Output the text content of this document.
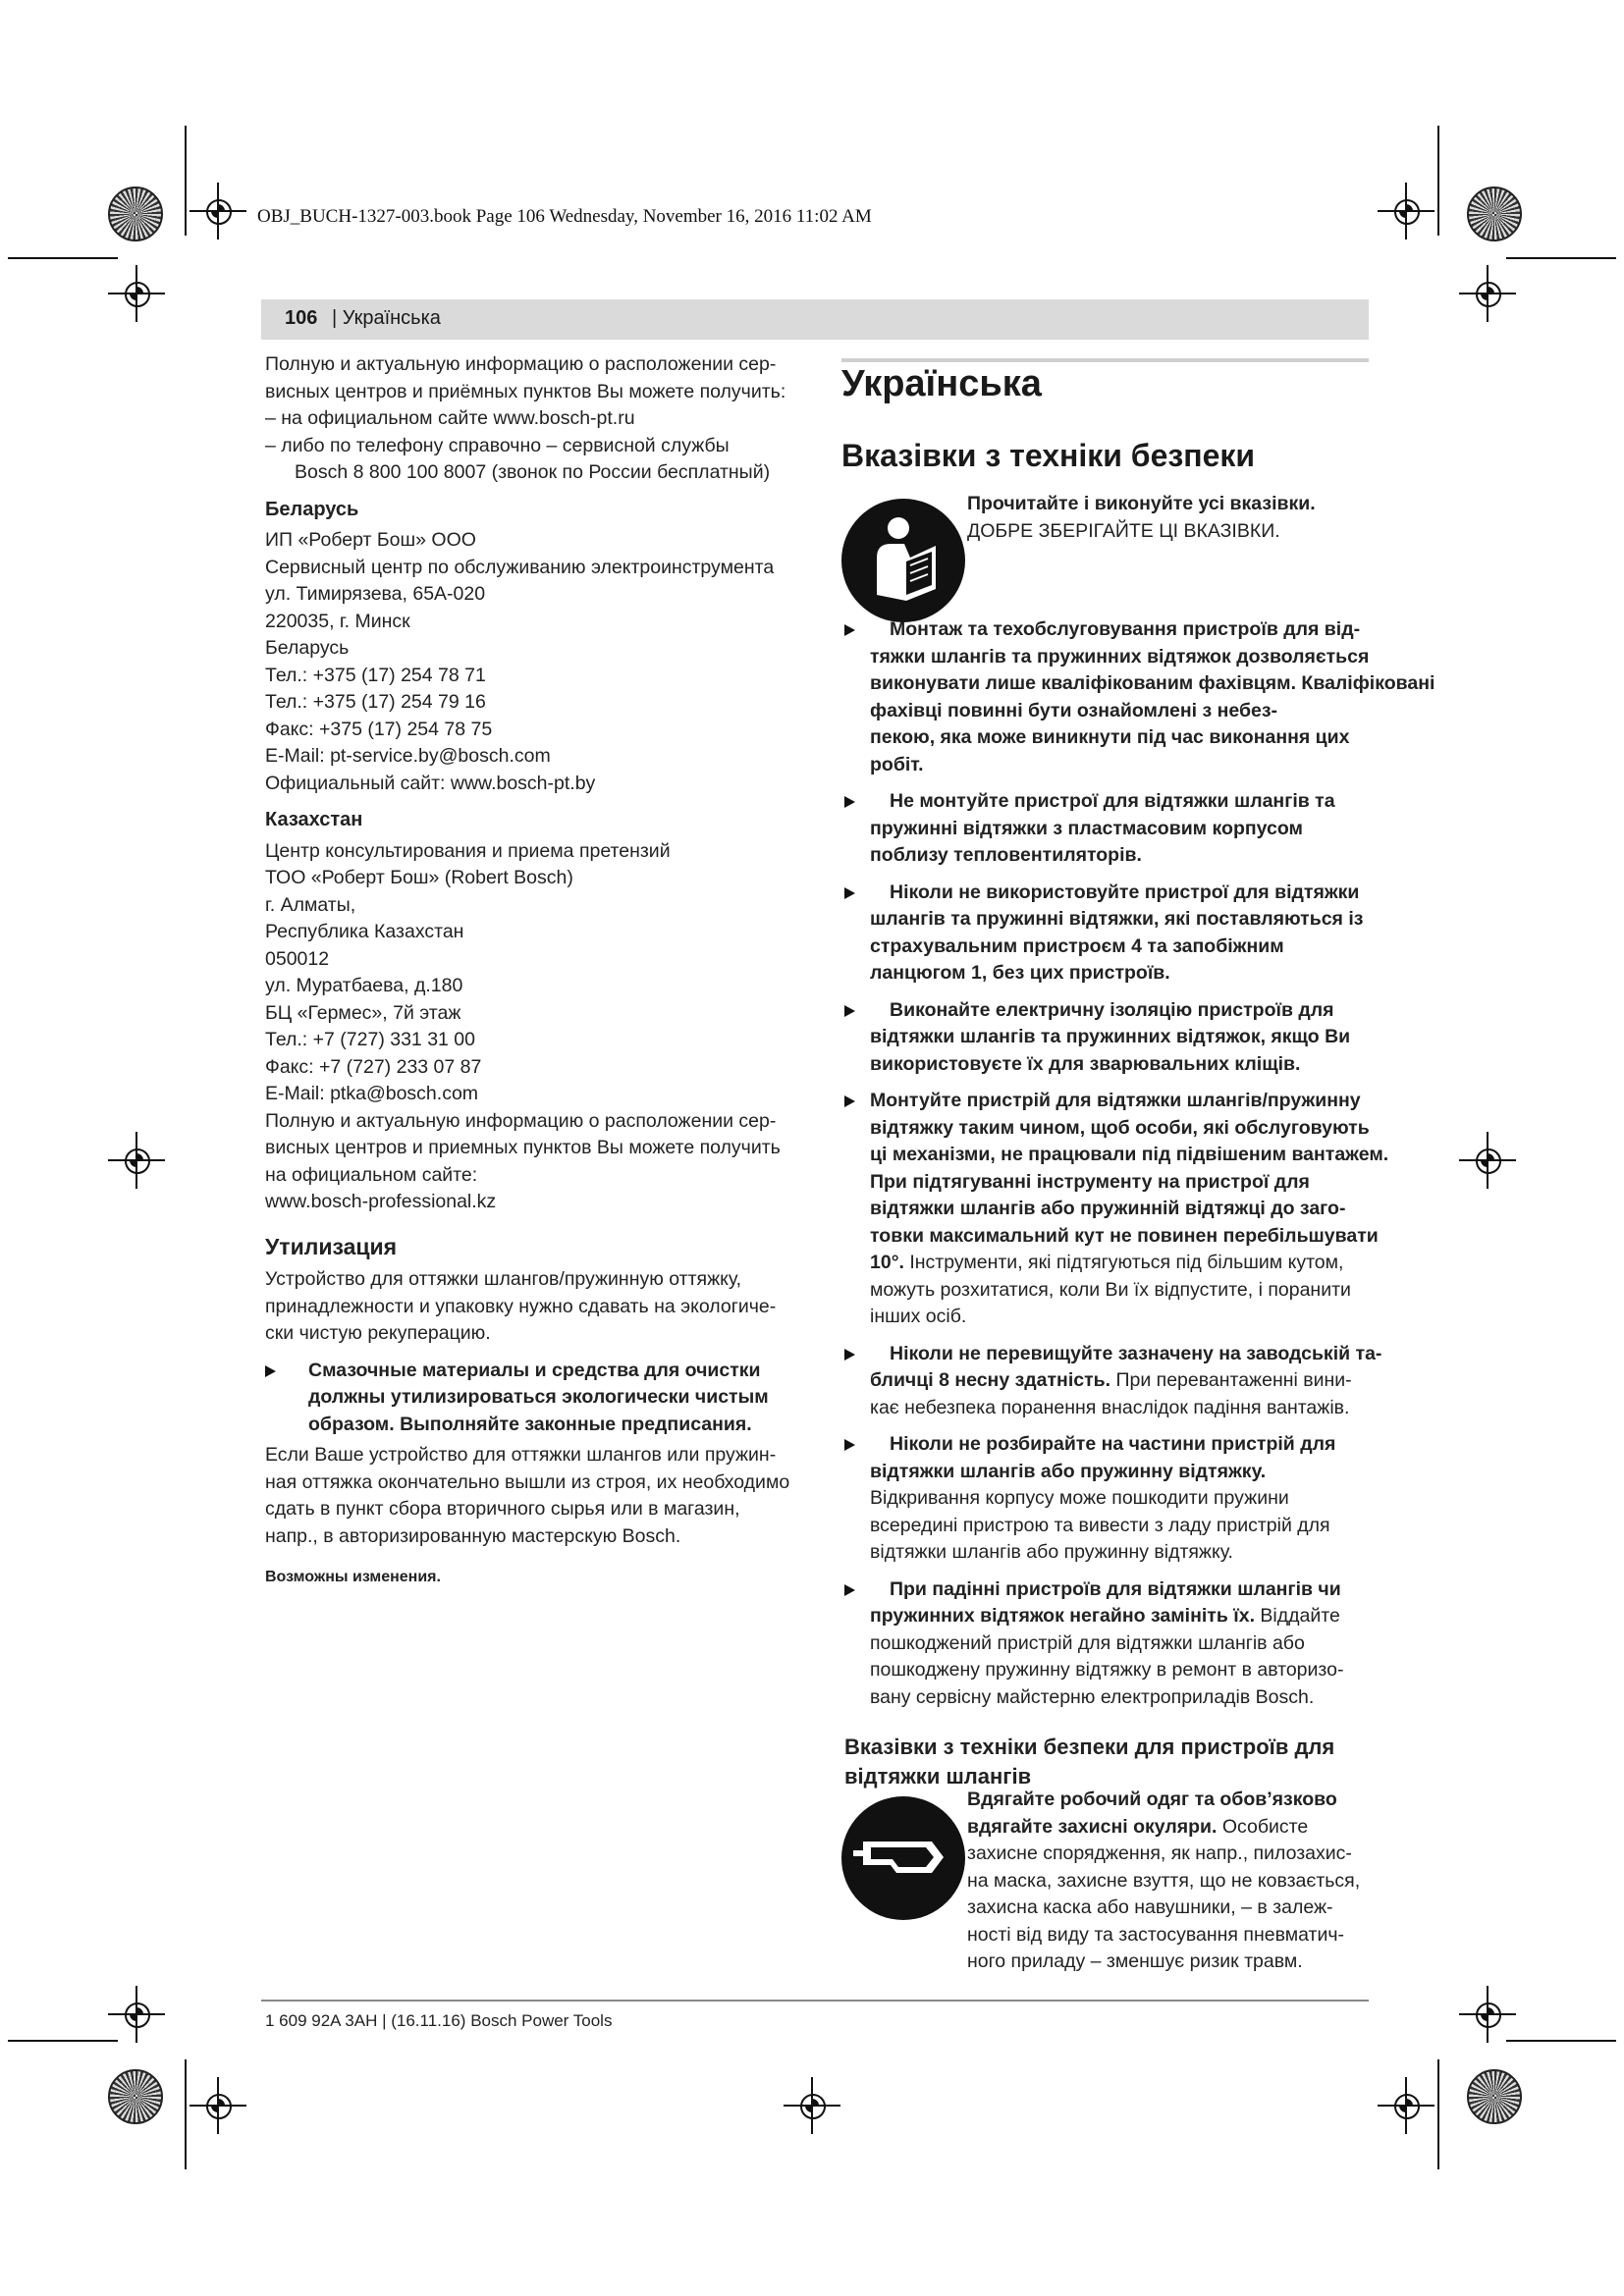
OBJ_BUCH-1327-003.book Page 106 Wednesday, November 16, 2016 11:02 AM
106 | Українська
Полную и актуальную информацию о расположении сер-
висных центров и приёмных пунктов Вы можете получить:
– на официальном сайте www.bosch-pt.ru
– либо по телефону справочно – сервисной службы
Bosch 8 800 100 8007 (звонок по России бесплатный)
Беларусь
ИП «Роберт Бош» ООО
Сервисный центр по обслуживанию электроинструмента
ул. Тимирязева, 65А-020
220035, г. Минск
Беларусь
Тел.: +375 (17) 254 78 71
Тел.: +375 (17) 254 79 16
Факс: +375 (17) 254 78 75
E-Mail: pt-service.by@bosch.com
Официальный сайт: www.bosch-pt.by
Казахстан
Центр консультирования и приема претензий
ТОО «Роберт Бош» (Robert Bosch)
г. Алматы,
Республика Казахстан
050012
ул. Муратбаева, д.180
БЦ «Гермес», 7й этаж
Тел.: +7 (727) 331 31 00
Факс: +7 (727) 233 07 87
E-Mail: ptka@bosch.com
Полную и актуальную информацию о расположении сер-
висных центров и приемных пунктов Вы можете получить
на официальном сайте:
www.bosch-professional.kz
Утилизация
Устройство для оттяжки шлангов/пружинную оттяжку,
принадлежности и упаковку нужно сдавать на экологиче-
ски чистую рекуперацию.
Смазочные материалы и средства для очистки
должны утилизироваться экологически чистым
образом. Выполняйте законные предписания.
Если Ваше устройство для оттяжки шлангов или пружин-
ная оттяжка окончательно вышли из строя, их необходимо
сдать в пункт сбора вторичного сырья или в магазин,
напр., в авторизированную мастерскую Bosch.
Возможны изменения.
Українська
Вказівки з техніки безпеки
Прочитайте і виконуйте усі вказівки.
ДОБРЕ ЗБЕРІГАЙТЕ ЦІ ВКАЗІВКИ.
Монтаж та техобслуговування пристроїв для від-
тяжки шлангів та пружинних відтяжок дозволяється
виконувати лише кваліфікованим фахівцям. Кваліфіковані
фахівці повинні бути ознайомлені з небез-
пекою, яка може виникнути під час виконання цих
робіт.
Не монтуйте пристрої для відтяжки шлангів та
пружинні відтяжки з пластмасовим корпусом
поблизу тепловентиляторів.
Ніколи не використовуйте пристрої для відтяжки
шлангів та пружинні відтяжки, які поставляються із
страхувальним пристроєм 4 та запобіжним
ланцюгом 1, без цих пристроїв.
Виконайте електричну ізоляцію пристроїв для
відтяжки шлангів та пружинних відтяжок, якщо Ви
використовуєте їх для зварювальних кліщів.
Монтуйте пристрій для відтяжки шлангів/пружинну
відтяжку таким чином, щоб особи, які обслуговують
ці механізми, не працювали під підвішеним вантажем.
При підтягуванні інструменту на пристрої для
відтяжки шлангів або пружинній відтяжці до заго-
товки максимальний кут не повинен перебільшувати
10°. Інструменти, які підтягуються під більшим кутом,
можуть розхитатися, коли Ви їх відпустите, і поранити
інших осіб.
Ніколи не перевищуйте зазначену на заводській та-
бличці 8 несну здатність. При перевантаженні вини-
кає небезпека поранення внаслідок падіння вантажів.
Ніколи не розбирайте на частини пристрій для
відтяжки шлангів або пружинну відтяжку.
Відкривання корпусу може пошкодити пружини
всередині пристрою та вивести з ладу пристрій для
відтяжки шлангів або пружинну відтяжку.
При падінні пристроїв для відтяжки шлангів чи
пружинних відтяжок негайно замініть їх. Віддайте
пошкоджений пристрій для відтяжки шлангів або
пошкоджену пружинну відтяжку в ремонт в авторизо-
вану сервісну майстерню електроприладів Bosch.
Вказівки з техніки безпеки для пристроїв для
відтяжки шлангів
Вдягайте робочий одяг та обов’язково
вдягайте захисні окуляри. Особисте
захисне спорядження, як напр., пилозахис-
на маска, захисне взуття, що не ковзається,
захисна каска або навушники, – в залеж-
ності від виду та застосування пневматич-
ного приладу – зменшує ризик травм.
1 609 92A 3AH | (16.11.16) Bosch Power Tools
